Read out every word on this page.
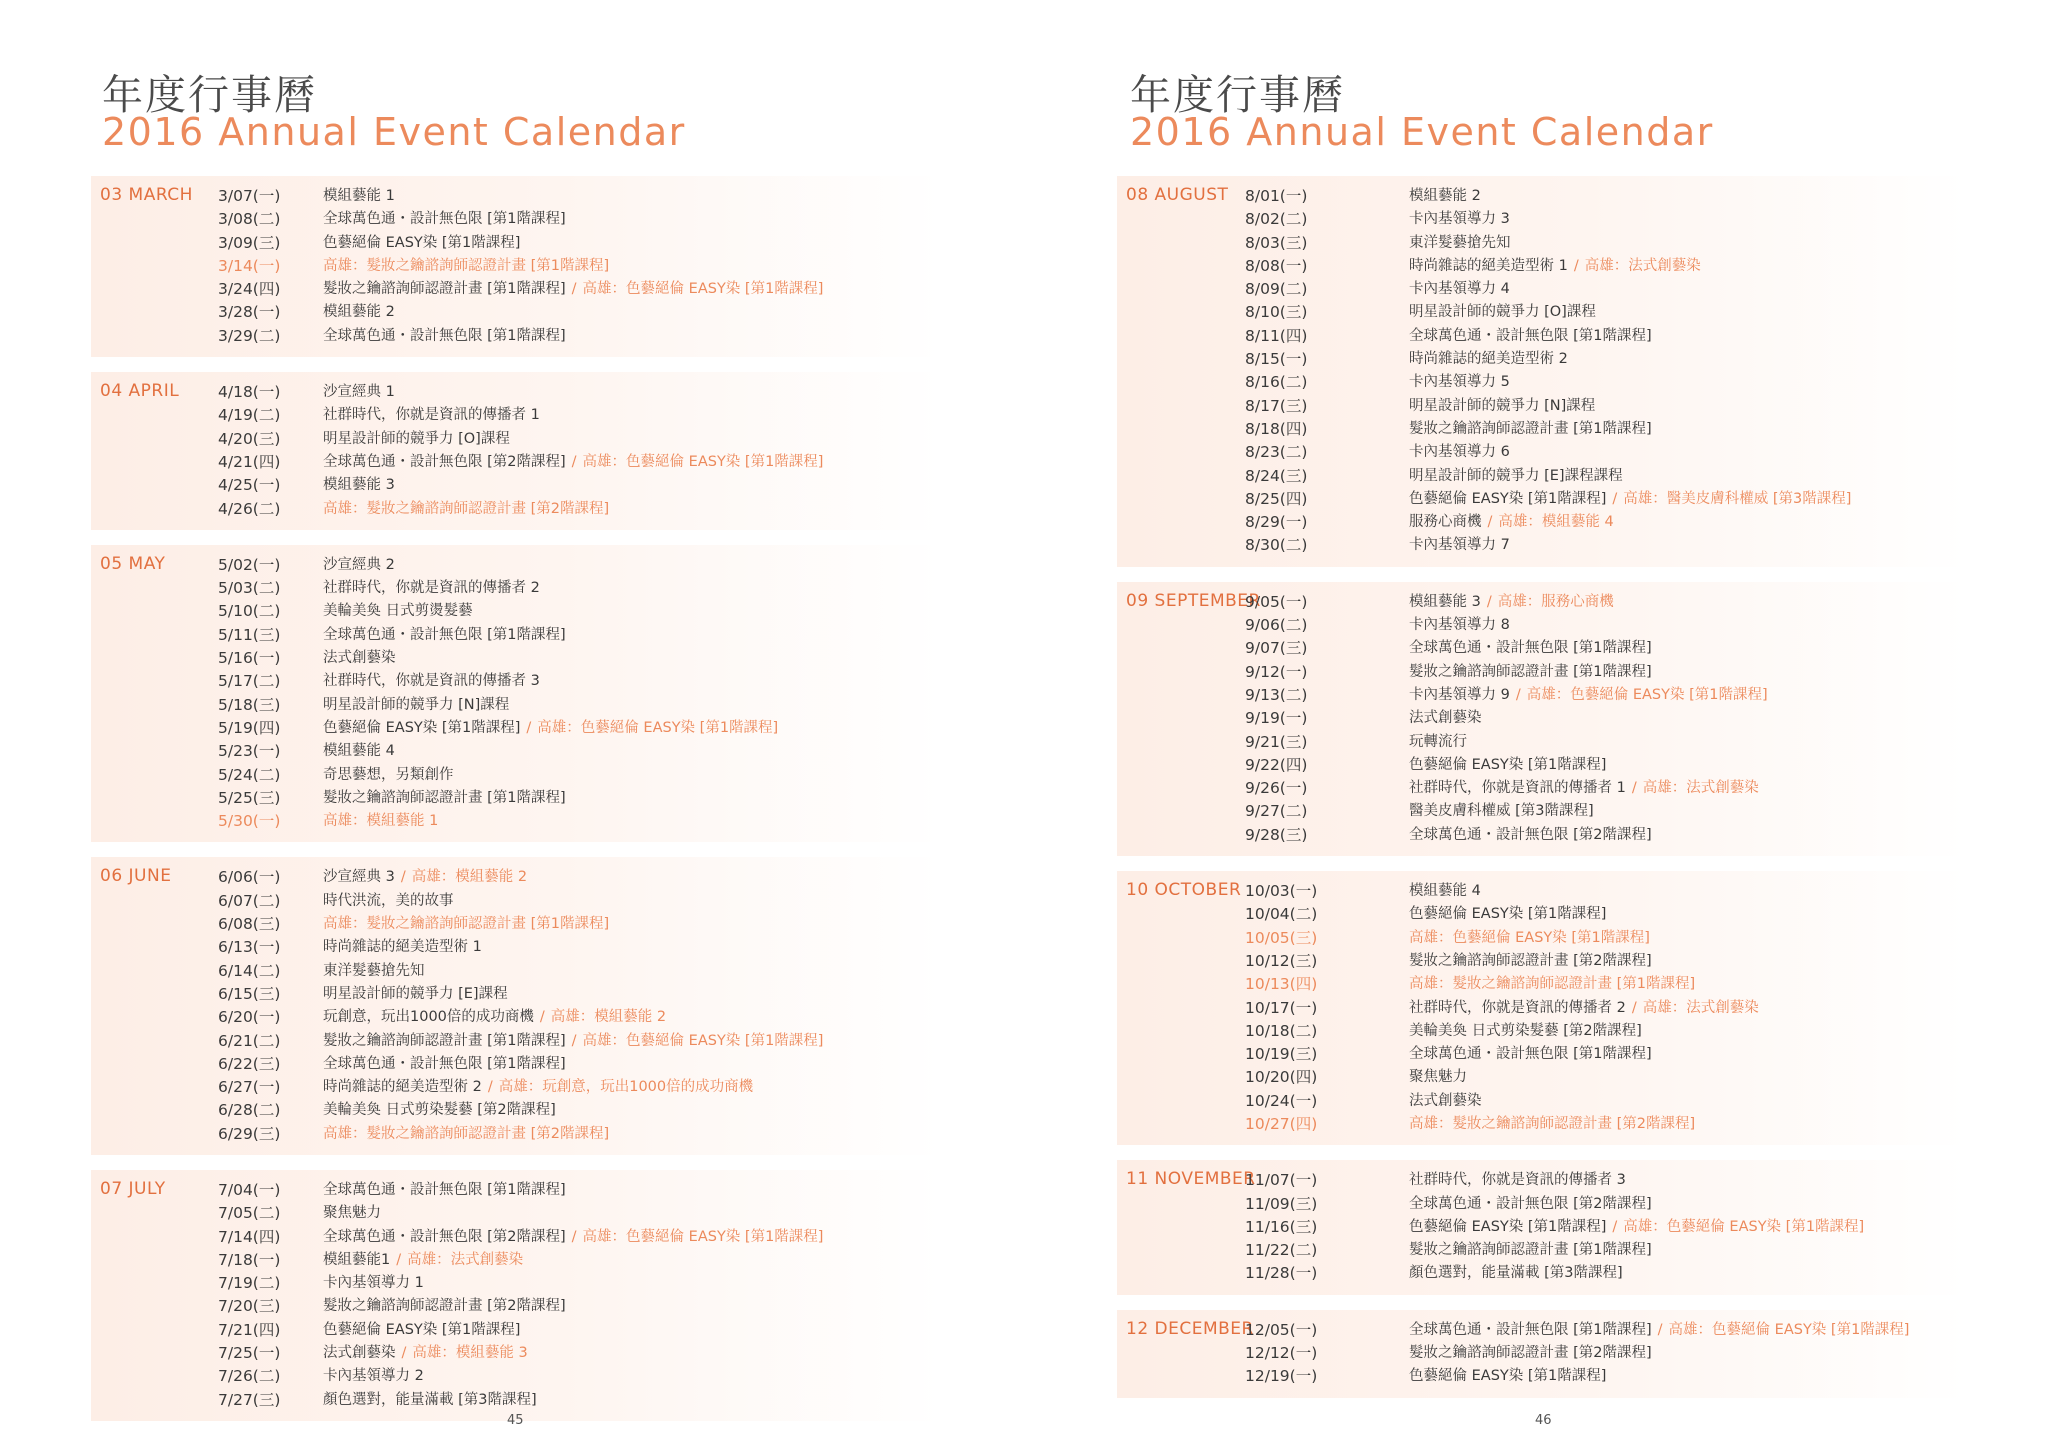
年度行事曆
2016 Annual Event Calendar
03 MARCH 3/07(一)	模組藝能 1
3/08(二)	全球萬色通・設計無色限 [第1階課程]
3/09(三)	色藝絕倫 EASY染 [第1階課程]
3/14(一)	高雄：髮妝之鑰諮詢師認證計畫 [第1階課程]
3/24(四)	髮妝之鑰諮詢師認證計畫 [第1階課程] / 高雄：色藝絕倫 EASY染 [第1階課程]
3/28(一)	模組藝能 2
3/29(二)	全球萬色通・設計無色限 [第1階課程]
04 APRIL	4/18(一)	沙宣經典 1
4/19(二)	社群時代，你就是資訊的傳播者 1
4/20(三)	明星設計師的競爭力 [O]課程
4/21(四)	全球萬色通・設計無色限 [第2階課程] / 高雄：色藝絕倫 EASY染 [第1階課程]
4/25(一)	模組藝能 3
4/26(二)	高雄：髮妝之鑰諮詢師認證計畫 [第2階課程]
05 MAY	5/02(一)	沙宣經典 2
5/03(二)	社群時代，你就是資訊的傳播者 2
5/10(二)	美輪美奐 日式剪燙髮藝
5/11(三)	全球萬色通・設計無色限 [第1階課程]
5/16(一)	法式創藝染
5/17(二)	社群時代，你就是資訊的傳播者 3
5/18(三)	明星設計師的競爭力 [N]課程
5/19(四)	色藝絕倫 EASY染 [第1階課程] / 高雄：色藝絕倫 EASY染 [第1階課程]
5/23(一)	模組藝能 4
5/24(二)	奇思藝想，另類創作
5/25(三)	髮妝之鑰諮詢師認證計畫 [第1階課程]
5/30(一)	高雄：模組藝能 1
06 JUNE	6/06(一)	沙宣經典 3 / 高雄：模組藝能 2
6/07(二)	時代洪流，美的故事
6/08(三)	高雄：髮妝之鑰諮詢師認證計畫 [第1階課程]
6/13(一)	時尚雜誌的絕美造型術 1
6/14(二)	東洋髮藝搶先知
6/15(三)	明星設計師的競爭力 [E]課程
6/20(一)	玩創意，玩出1000倍的成功商機 / 高雄：模組藝能 2
6/21(二)	髮妝之鑰諮詢師認證計畫 [第1階課程] / 高雄：色藝絕倫 EASY染 [第1階課程]
6/22(三)	全球萬色通・設計無色限 [第1階課程]
6/27(一)	時尚雜誌的絕美造型術 2 / 高雄：玩創意，玩出1000倍的成功商機
6/28(二)	美輪美奐 日式剪染髮藝 [第2階課程]
6/29(三)	高雄：髮妝之鑰諮詢師認證計畫 [第2階課程]
07 JULY	7/04(一)	全球萬色通・設計無色限 [第1階課程]
7/05(二)	聚焦魅力
7/14(四)	全球萬色通・設計無色限 [第2階課程] / 高雄：色藝絕倫 EASY染 [第1階課程]
7/18(一)	模組藝能1 / 高雄：法式創藝染
7/19(二)	卡內基領導力 1
7/20(三)	髮妝之鑰諮詢師認證計畫 [第2階課程]
7/21(四)	色藝絕倫 EASY染 [第1階課程]
7/25(一)	法式創藝染 / 高雄：模組藝能 3
7/26(二)	卡內基領導力 2
7/27(三)	顏色選對，能量滿載 [第3階課程]
45
年度行事曆
2016 Annual Event Calendar
08 AUGUST 8/01(一)	模組藝能 2
8/02(二)	卡內基領導力 3
8/03(三)	東洋髮藝搶先知
8/08(一)	時尚雜誌的絕美造型術 1 / 高雄：法式創藝染
8/09(二)	卡內基領導力 4
8/10(三)	明星設計師的競爭力 [O]課程
8/11(四)	全球萬色通・設計無色限 [第1階課程]
8/15(一)	時尚雜誌的絕美造型術 2
8/16(二)	卡內基領導力 5
8/17(三)	明星設計師的競爭力 [N]課程
8/18(四)	髮妝之鑰諮詢師認證計畫 [第1階課程]
8/23(二)	卡內基領導力 6
8/24(三)	明星設計師的競爭力 [E]課程課程
8/25(四)	色藝絕倫 EASY染 [第1階課程] / 高雄：醫美皮膚科權威 [第3階課程]
8/29(一)	服務心商機 / 高雄：模組藝能 4
8/30(二)	卡內基領導力 7
09 SEPTEMBER
9/05(一)	模組藝能 3 / 高雄：服務心商機
9/06(二)	卡內基領導力 8
9/07(三)	全球萬色通・設計無色限 [第1階課程]
9/12(一)	髮妝之鑰諮詢師認證計畫 [第1階課程]
9/13(二)	卡內基領導力 9 / 高雄：色藝絕倫 EASY染 [第1階課程]
9/19(一)	法式創藝染
9/21(三)	玩轉流行
9/22(四)	色藝絕倫 EASY染 [第1階課程]
9/26(一)	社群時代，你就是資訊的傳播者 1 / 高雄：法式創藝染
9/27(二)	醫美皮膚科權威 [第3階課程]
9/28(三)	全球萬色通・設計無色限 [第2階課程]
10 OCTOBER 10/03(一)	模組藝能 4
10/04(二)	色藝絕倫 EASY染 [第1階課程]
10/05(三)	高雄：色藝絕倫 EASY染 [第1階課程]
10/12(三)	髮妝之鑰諮詢師認證計畫 [第2階課程]
10/13(四)	高雄：髮妝之鑰諮詢師認證計畫 [第1階課程]
10/17(一)	社群時代，你就是資訊的傳播者 2 / 高雄：法式創藝染
10/18(二)	美輪美奐 日式剪染髮藝 [第2階課程]
10/19(三)	全球萬色通・設計無色限 [第1階課程]
10/20(四)	聚焦魅力
10/24(一)	法式創藝染
10/27(四)	高雄：髮妝之鑰諮詢師認證計畫 [第2階課程]
11 NOVEMBER
11/07(一)	社群時代，你就是資訊的傳播者 3
11/09(三)	全球萬色通・設計無色限 [第2階課程]
11/16(三)	色藝絕倫 EASY染 [第1階課程] / 高雄：色藝絕倫 EASY染 [第1階課程]
11/22(二)	髮妝之鑰諮詢師認證計畫 [第1階課程]
11/28(一)	顏色選對，能量滿載 [第3階課程]
12 DECEMBER
12/05(一)	全球萬色通・設計無色限 [第1階課程] / 高雄：色藝絕倫 EASY染 [第1階課程]
12/12(一)	髮妝之鑰諮詢師認證計畫 [第2階課程]
12/19(一)	色藝絕倫 EASY染 [第1階課程]
46
